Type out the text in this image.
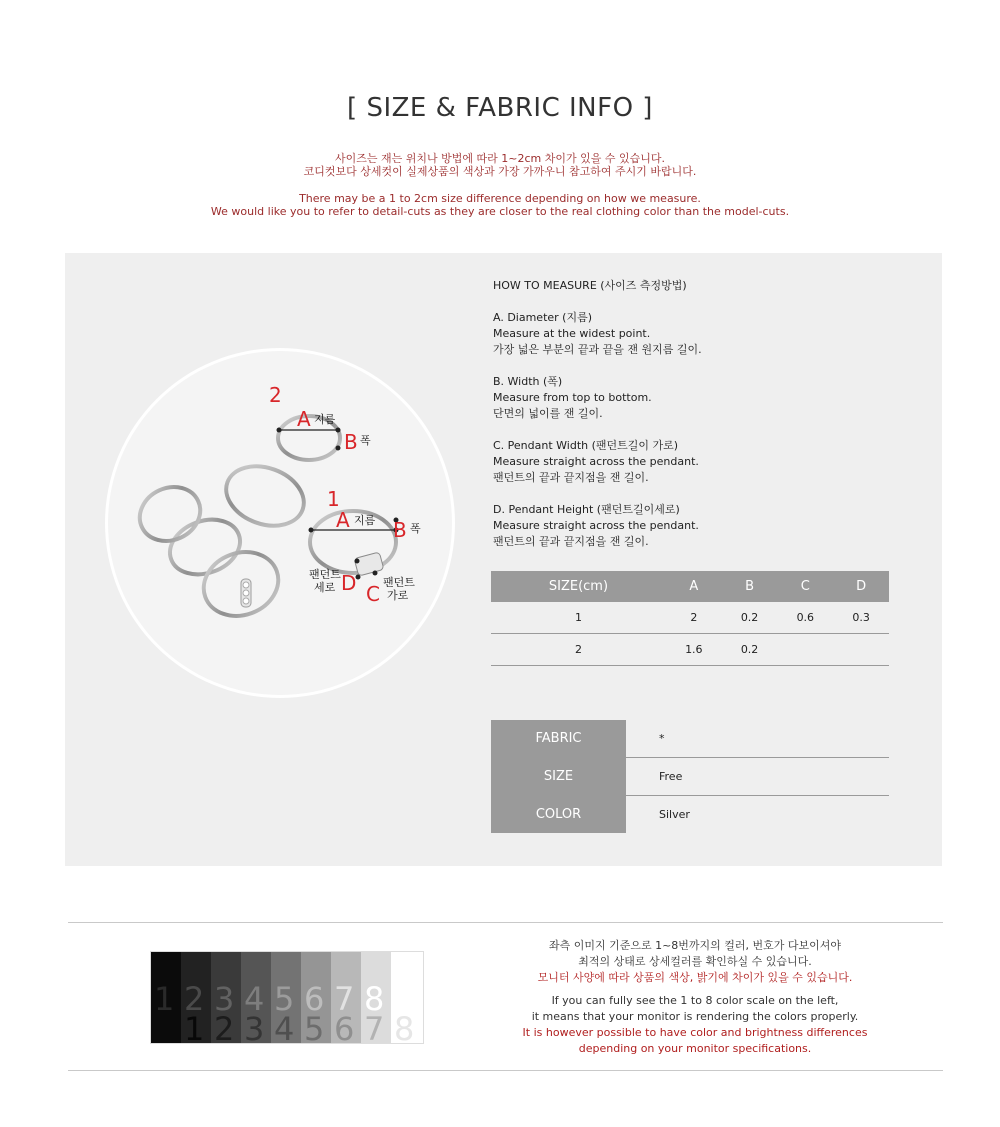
[ SIZE & FABRIC INFO ]
사이즈는 재는 위치나 방법에 따라 1~2cm 차이가 있을 수 있습니다.
코디컷보다 상세컷이 실제상품의 색상과 가장 가까우니 참고하여 주시기 바랍니다.
There may be a 1 to 2cm size difference depending on how we measure.
We would like you to refer to detail-cuts as they are closer to the real clothing color than the model-cuts.
2
A 지름
B 폭
1
A 지름 B 폭
팬던트
세로 D C 팬던트
가로
HOW TO MEASURE (사이즈 측정방법)
A. Diameter (지름)
Measure at the widest point.
가장 넓은 부분의 끝과 끝을 잰 원지름 길이.
B. Width (폭)
Measure from top to bottom.
단면의 넓이를 잰 길이.
C. Pendant Width (팬던트길이 가로)
Measure straight across the pendant.
팬던트의 끝과 끝지점을 잰 길이.
D. Pendant Height (팬던트길이세로)
Measure straight across the pendant.
팬던트의 끝과 끝지점을 잰 길이.
SIZE(cm)	A	B	C	D
1	2	0.2	0.6	0.3
2	1.6	0.2		
FABRIC	*
SIZE	Free
COLOR	Silver
1 2
1
3
2
4
3
5
4
6
5
7
6
8
7 8
좌측 이미지 기준으로 1~8번까지의 컬러, 번호가 다보이셔야
최적의 상태로 상세컬러를 확인하실 수 있습니다.
모니터 사양에 따라 상품의 색상, 밝기에 차이가 있을 수 있습니다.
If you can fully see the 1 to 8 color scale on the left,
it means that your monitor is rendering the colors properly.
It is however possible to have color and brightness differences
depending on your monitor specifications.
